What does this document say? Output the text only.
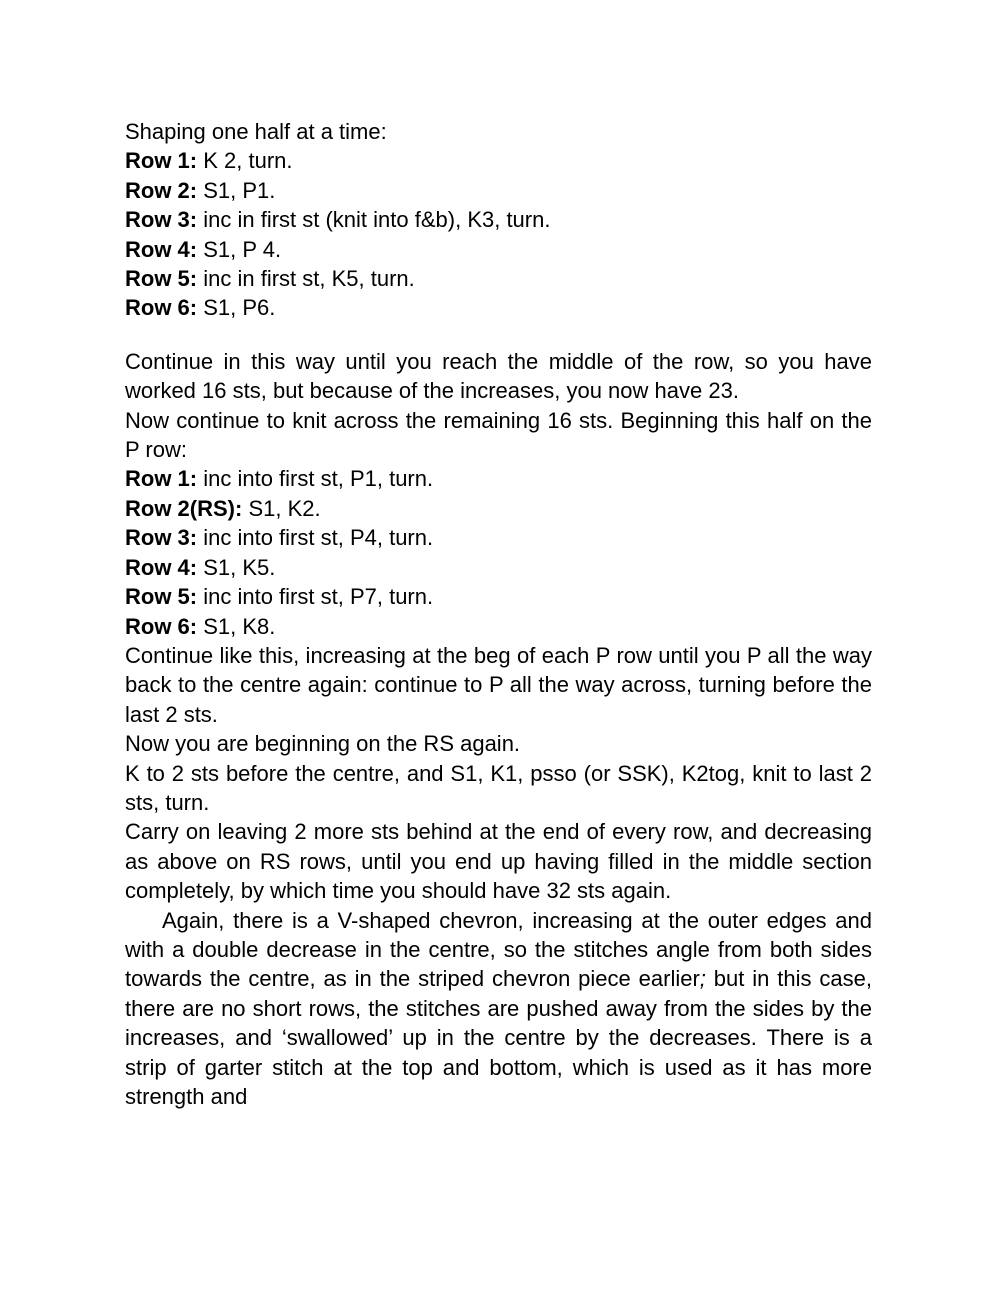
Shaping one half at a time:

Row 1: K 2, turn.

Row 2: S1, P1.

Row 3: inc in first st (knit into f&b), K3, turn.

Row 4: S1, P 4.

Row 5: inc in first st, K5, turn.

Row 6: S1, P6.

Continue in this way until you reach the middle of the row, so you have worked 16 sts, but because of the increases, you now have 23.

Now continue to knit across the remaining 16 sts. Beginning this half on the P row:

Row 1: inc into first st, P1, turn.

Row 2(RS): S1, K2.

Row 3: inc into first st, P4, turn.

Row 4: S1, K5.

Row 5: inc into first st, P7, turn.

Row 6: S1, K8.

Continue like this, increasing at the beg of each P row until you P all the way back to the centre again: continue to P all the way across, turning before the last 2 sts.

Now you are beginning on the RS again.

K to 2 sts before the centre, and S1, K1, psso (or SSK), K2tog, knit to last 2 sts, turn.

Carry on leaving 2 more sts behind at the end of every row, and decreasing as above on RS rows, until you end up having filled in the middle section completely, by which time you should have 32 sts again.

Again, there is a V-shaped chevron, increasing at the outer edges and with a double decrease in the centre, so the stitches angle from both sides towards the centre, as in the striped chevron piece earlier; but in this case, there are no short rows, the stitches are pushed away from the sides by the increases, and ‘swallowed’ up in the centre by the decreases. There is a strip of garter stitch at the top and bottom, which is used as it has more strength and
